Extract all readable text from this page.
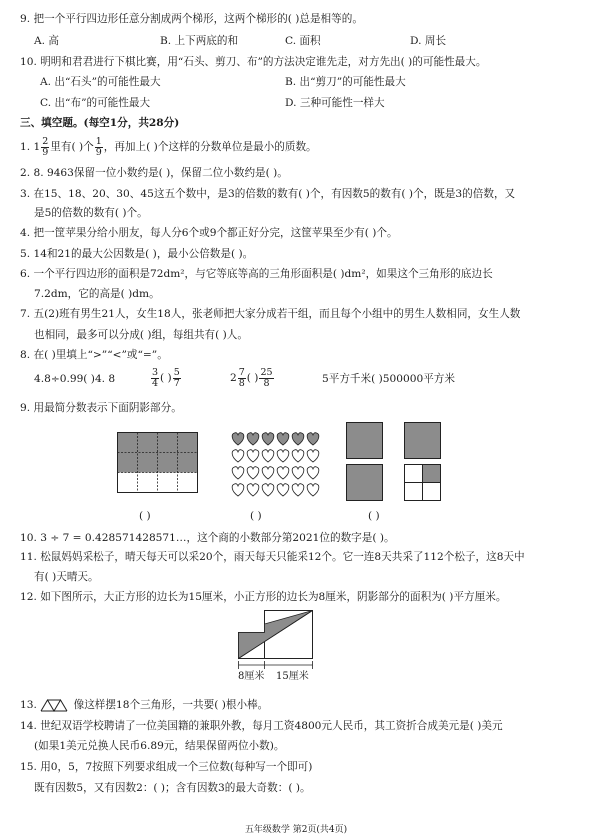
9. 把一个平行四边形任意分割成两个梯形，这两个梯形的( )总是相等的。
A. 高	B. 上下两底的和	C. 面积	D. 周长
10. 明明和君君进行下棋比赛，用“石头、剪刀、布”的方法决定谁先走，对方先出( )的可能性最大。
A. 出“石头”的可能性最大	B. 出“剪刀”的可能性最大
C. 出“布”的可能性最大	D. 三种可能性一样大
三、填空题。(每空1分，共28分)
1. $1 \frac{2}{9}$ 里有( )个 $\frac{1}{9}$ ，再加上( )个这样的分数单位是最小的质数。
2. 8. 9463保留一位小数约是( )，保留二位小数约是( )。
3. 在15、18、20、30、45这五个数中，是3的倍数的数有( )个，有因数5的数有( )个，既是3的倍数，又
是5的倍数的数有( )个。
4. 把一筐苹果分给小朋友，每人分6个或9个都正好分完，这筐苹果至少有( )个。
5. 14和21的最大公因数是( )，最小公倍数是( )。
6. 一个平行四边形的面积是72dm²，与它等底等高的三角形面积是( )dm²，如果这个三角形的底边长
7.2dm，它的高是( )dm。
7. 五(2)班有男生21人，女生18人，张老师把大家分成若干组，而且每个小组中的男生人数相同，女生人数
也相同，最多可以分成( )组，每组共有( )人。
8. 在( )里填上“>”“<”或“=”。
4.8÷0.99( )4. 8	$\frac{3}{4}$ ( ) $\frac{5}{7}$	$2 \frac{7}{8}$ ( ) $\frac{25}{8}$	5平方千米( )500000平方米
9. 用最简分数表示下面阴影部分。
( )	( )	( )
10. 3 ÷ 7 = 0.428571428571…，这个商的小数部分第2021位的数字是( )。
11. 松鼠妈妈采松子，晴天每天可以采20个，雨天每天只能采12个。它一连8天共采了112个松子，这8天中
有( )天晴天。
12. 如下图所示，大正方形的边长为15厘米，小正方形的边长为8厘米，阴影部分的面积为( )平方厘米。
8厘米 15厘米
13.	像这样摆18个三角形，一共要( )根小棒。
14. 世纪双语学校聘请了一位美国籍的兼职外教，每月工资4800元人民币，其工资折合成美元是( )美元
(如果1美元兑换人民币6.89元，结果保留两位小数)。
15. 用0，5，7按照下列要求组成一个三位数(每种写一个即可)
既有因数5，又有因数2：( )；含有因数3的最大奇数：( )。
五年级数学 第2页(共4页)
